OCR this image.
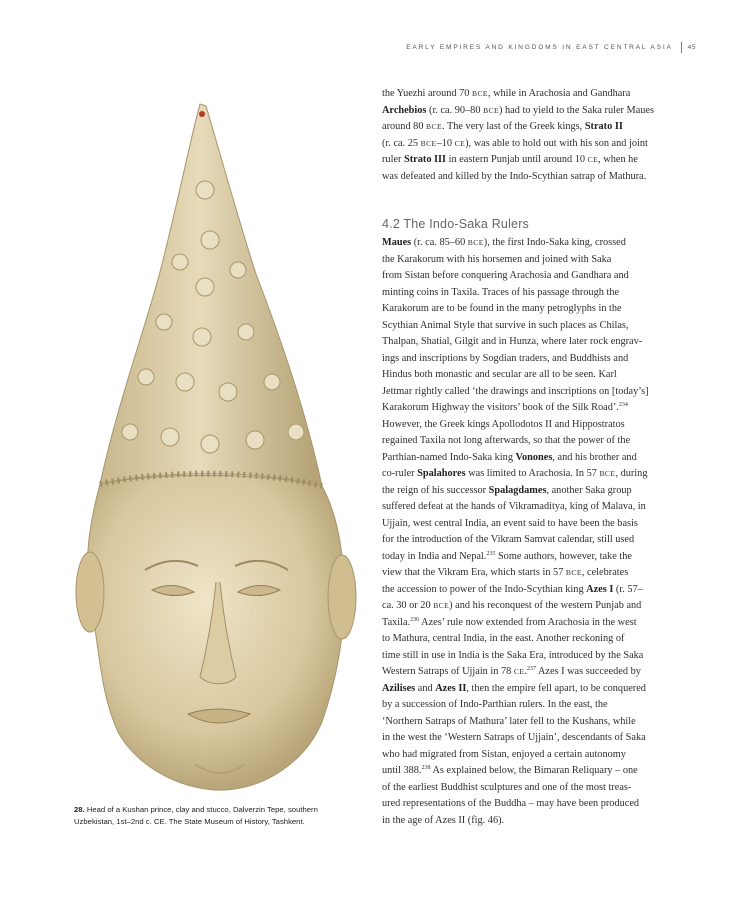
EARLY EMPIRES AND KINGDOMS IN EAST CENTRAL ASIA 45
28. Head of a Kushan prince, clay and stucco, Dalverzin Tepe, southern Uzbekistan, 1st–2nd c. CE. The State Museum of History, Tashkent.
the Yuezhi around 70 BCE, while in Arachosia and Gandhara
Archebios (r. ca. 90–80 BCE) had to yield to the Saka ruler Maues
around 80 BCE. The very last of the Greek kings, Strato II
(r. ca. 25 BCE–10 CE), was able to hold out with his son and joint
ruler Strato III in eastern Punjab until around 10 CE, when he
was defeated and killed by the Indo-Scythian satrap of Mathura.
4.2 The Indo-Saka Rulers
Maues (r. ca. 85–60 BCE), the first Indo-Saka king, crossed
the Karakorum with his horsemen and joined with Saka
from Sistan before conquering Arachosia and Gandhara and
minting coins in Taxila. Traces of his passage through the
Karakorum are to be found in the many petroglyphs in the
Scythian Animal Style that survive in such places as Chilas,
Thalpan, Shatial, Gilgit and in Hunza, where later rock engrav-
ings and inscriptions by Sogdian traders, and Buddhists and
Hindus both monastic and secular are all to be seen. Karl
Jettmar rightly called ‘the drawings and inscriptions on [today’s]
Karakorum Highway the visitors’ book of the Silk Road’.$^{234}$
However, the Greek kings Apollodotos II and Hippostratos
regained Taxila not long afterwards, so that the power of the
Parthian-named Indo-Saka king Vonones, and his brother and
co-ruler Spalahores was limited to Arachosia. In 57 BCE, during
the reign of his successor Spalagdames, another Saka group
suffered defeat at the hands of Vikramaditya, king of Malava, in
Ujjain, west central India, an event said to have been the basis
for the introduction of the Vikram Samvat calendar, still used
today in India and Nepal.$^{235}$ Some authors, however, take the
view that the Vikram Era, which starts in 57 BCE, celebrates
the accession to power of the Indo-Scythian king Azes I (r. 57–
ca. 30 or 20 BCE) and his reconquest of the western Punjab and
Taxila.$^{236}$ Azes’ rule now extended from Arachosia in the west
to Mathura, central India, in the east. Another reckoning of
time still in use in India is the Saka Era, introduced by the Saka
Western Satraps of Ujjain in 78 CE.$^{237}$ Azes I was succeeded by
Azilises and Azes II, then the empire fell apart, to be conquered
by a succession of Indo-Parthian rulers. In the east, the
‘Northern Satraps of Mathura’ later fell to the Kushans, while
in the west the ‘Western Satraps of Ujjain’, descendants of Saka
who had migrated from Sistan, enjoyed a certain autonomy
until 388.$^{238}$ As explained below, the Bimaran Reliquary – one
of the earliest Buddhist sculptures and one of the most treas-
ured representations of the Buddha – may have been produced
in the age of Azes II (fig. 46).
